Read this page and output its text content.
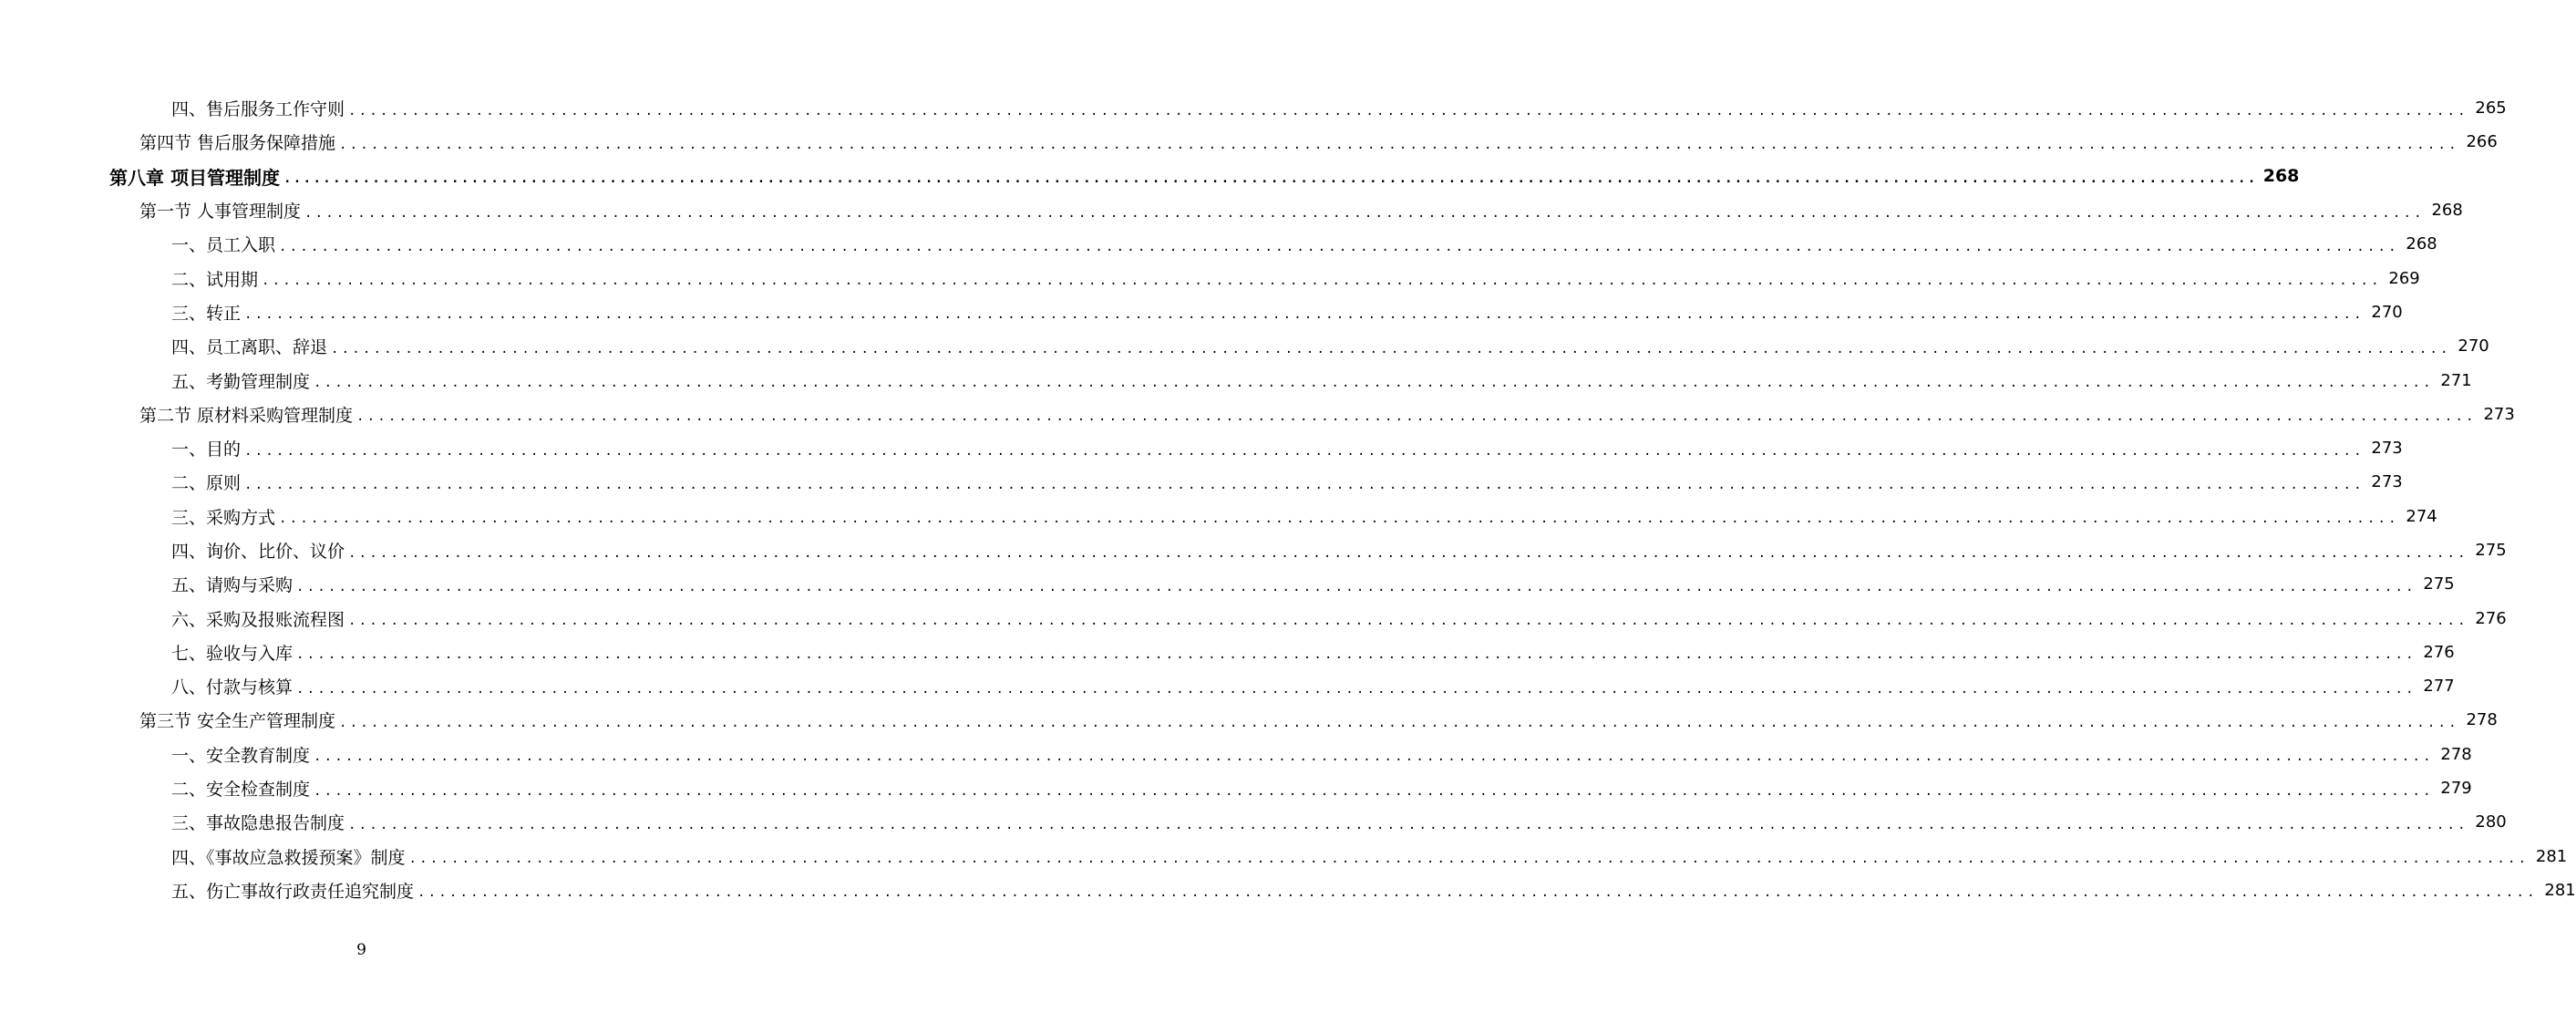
四、售后服务工作守则 ........................................................................................................................................................................................................ 265
第四节 售后服务保障措施 ........................................................................................................................................................................................................ 266
第八章 项目管理制度 ........................................................................................................................................................................................................ 268
第一节 人事管理制度 ........................................................................................................................................................................................................ 268
一、员工入职 ........................................................................................................................................................................................................ 268
二、试用期 ........................................................................................................................................................................................................ 269
三、转正 ........................................................................................................................................................................................................ 270
四、员工离职、辞退 ........................................................................................................................................................................................................ 270
五、考勤管理制度 ........................................................................................................................................................................................................ 271
第二节 原材料采购管理制度 ........................................................................................................................................................................................................ 273
一、目的 ........................................................................................................................................................................................................ 273
二、原则 ........................................................................................................................................................................................................ 273
三、采购方式 ........................................................................................................................................................................................................ 274
四、询价、比价、议价 ........................................................................................................................................................................................................ 275
五、请购与采购 ........................................................................................................................................................................................................ 275
六、采购及报账流程图 ........................................................................................................................................................................................................ 276
七、验收与入库 ........................................................................................................................................................................................................ 276
八、付款与核算 ........................................................................................................................................................................................................ 277
第三节 安全生产管理制度 ........................................................................................................................................................................................................ 278
一、安全教育制度 ........................................................................................................................................................................................................ 278
二、安全检查制度 ........................................................................................................................................................................................................ 279
三、事故隐患报告制度 ........................................................................................................................................................................................................ 280
四、《事故应急救援预案》制度 ........................................................................................................................................................................................................ 281
五、伤亡事故行政责任追究制度 ........................................................................................................................................................................................................ 281
9
